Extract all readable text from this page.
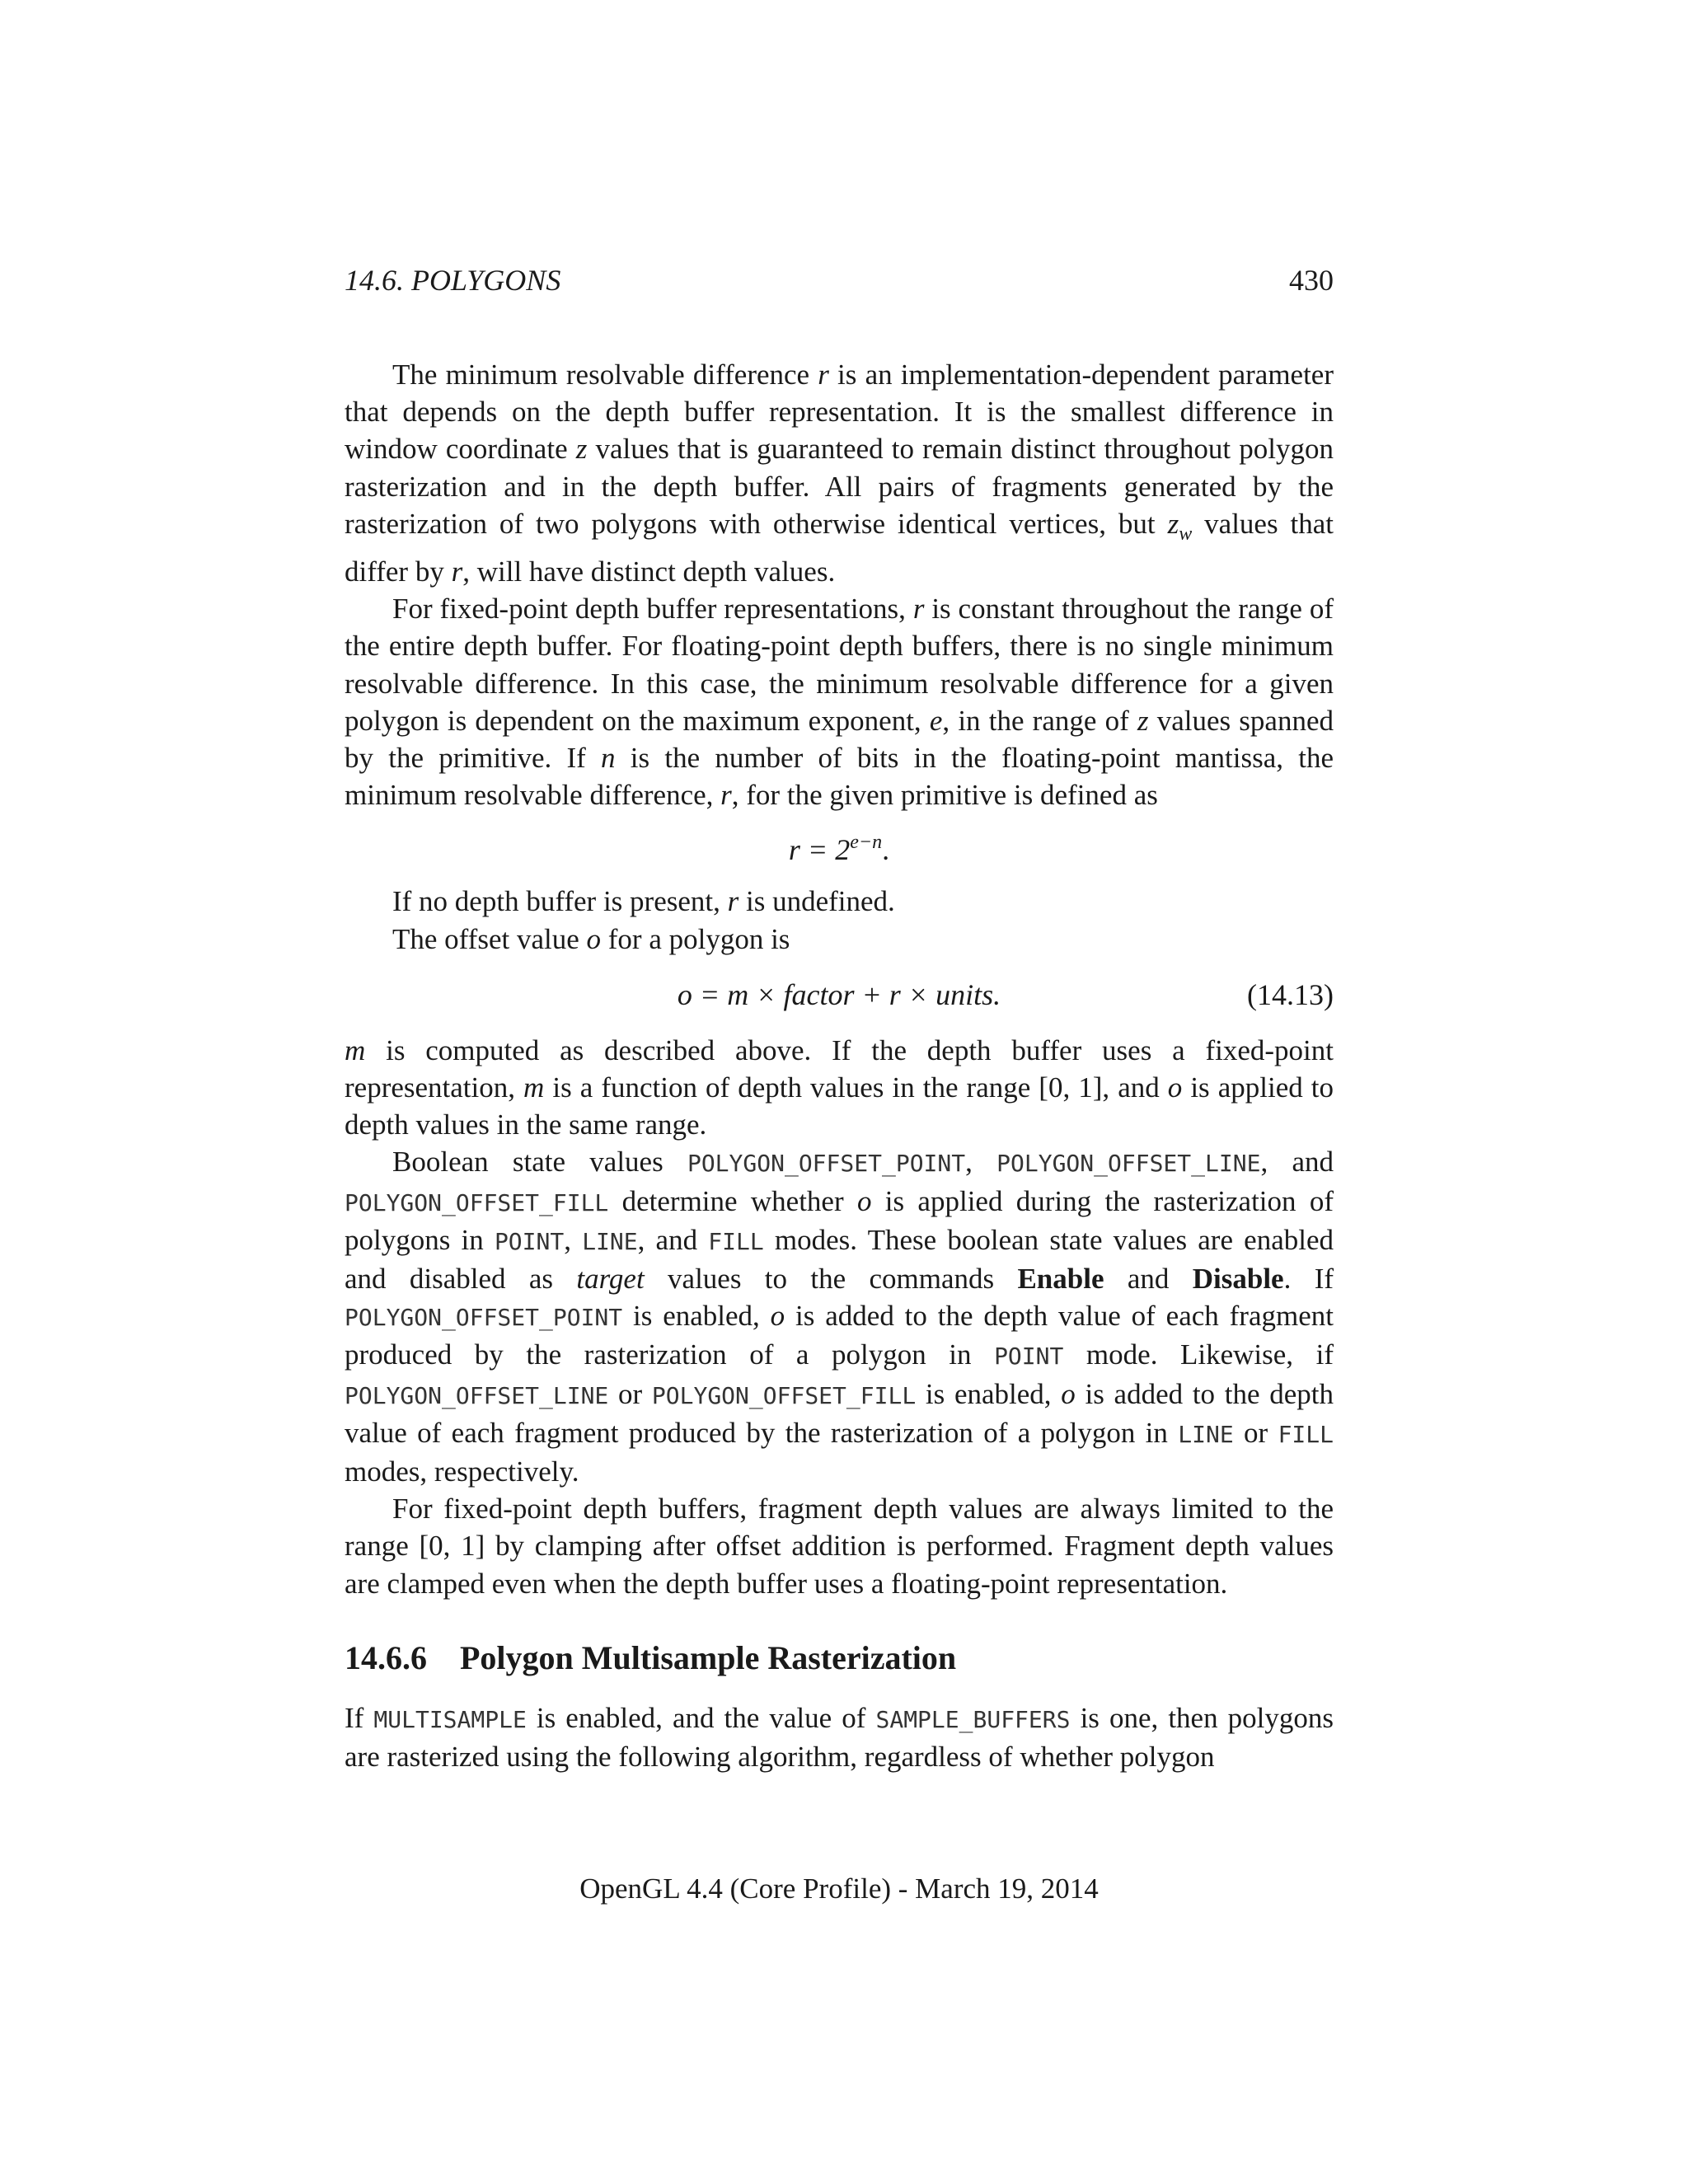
14.6. POLYGONS	430

The minimum resolvable difference r is an implementation-dependent parameter that depends on the depth buffer representation. It is the smallest difference in window coordinate z values that is guaranteed to remain distinct throughout polygon rasterization and in the depth buffer. All pairs of fragments generated by the rasterization of two polygons with otherwise identical vertices, but $z_w$ values that differ by r, will have distinct depth values.

For fixed-point depth buffer representations, r is constant throughout the range of the entire depth buffer. For floating-point depth buffers, there is no single minimum resolvable difference. In this case, the minimum resolvable difference for a given polygon is dependent on the maximum exponent, e, in the range of z values spanned by the primitive. If n is the number of bits in the floating-point mantissa, the minimum resolvable difference, r, for the given primitive is defined as

$r = 2^{e-n}$.

If no depth buffer is present, r is undefined.

The offset value o for a polygon is

o = m × factor + r × units.	(14.13)

m is computed as described above. If the depth buffer uses a fixed-point representation, m is a function of depth values in the range [0, 1], and o is applied to depth values in the same range.

Boolean state values POLYGON_OFFSET_POINT, POLYGON_OFFSET_LINE, and POLYGON_OFFSET_FILL determine whether o is applied during the rasterization of polygons in POINT, LINE, and FILL modes. These boolean state values are enabled and disabled as target values to the commands Enable and Disable. If POLYGON_OFFSET_POINT is enabled, o is added to the depth value of each fragment produced by the rasterization of a polygon in POINT mode. Likewise, if POLYGON_OFFSET_LINE or POLYGON_OFFSET_FILL is enabled, o is added to the depth value of each fragment produced by the rasterization of a polygon in LINE or FILL modes, respectively.

For fixed-point depth buffers, fragment depth values are always limited to the range [0, 1] by clamping after offset addition is performed. Fragment depth values are clamped even when the depth buffer uses a floating-point representation.

14.6.6 Polygon Multisample Rasterization

If MULTISAMPLE is enabled, and the value of SAMPLE_BUFFERS is one, then polygons are rasterized using the following algorithm, regardless of whether polygon

OpenGL 4.4 (Core Profile) - March 19, 2014
